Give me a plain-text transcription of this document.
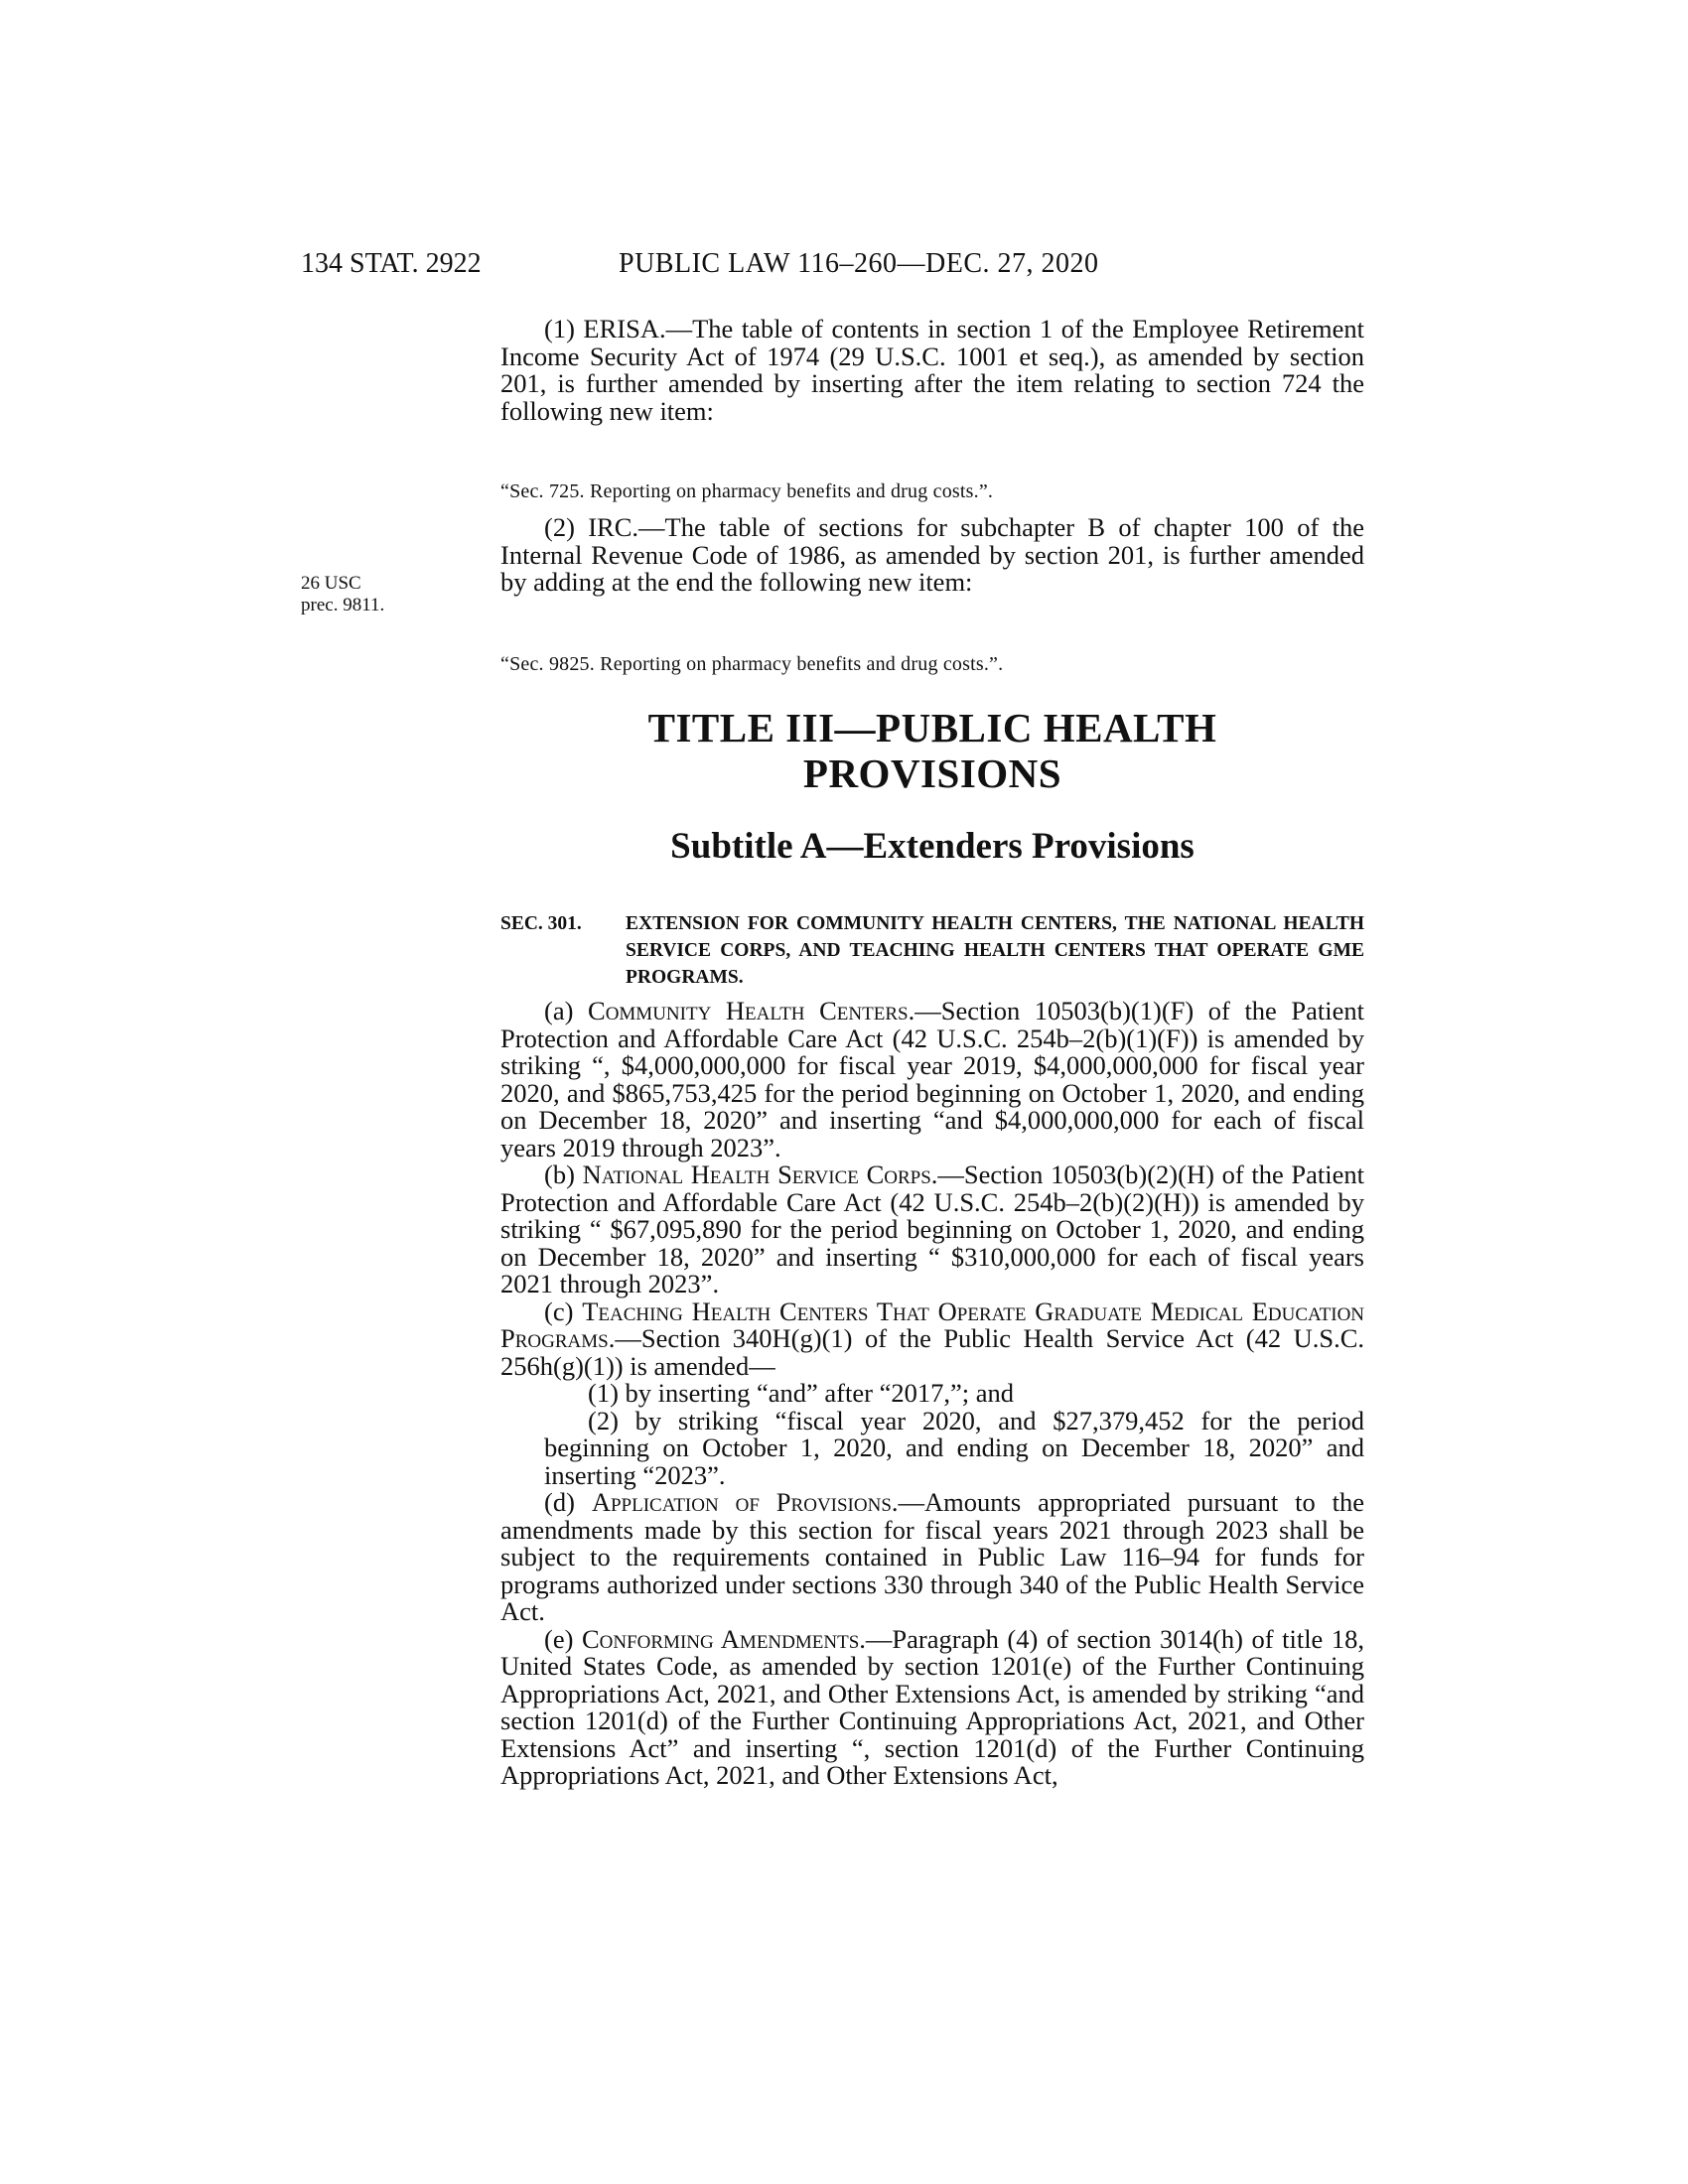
134 STAT. 2922	PUBLIC LAW 116–260—DEC. 27, 2020

(1) ERISA.—The table of contents in section 1 of the Employee Retirement Income Security Act of 1974 (29 U.S.C. 1001 et seq.), as amended by section 201, is further amended by inserting after the item relating to section 724 the following new item:

“Sec. 725. Reporting on pharmacy benefits and drug costs.”.

(2) IRC.—The table of sections for subchapter B of chapter 100 of the Internal Revenue Code of 1986, as amended by section 201, is further amended by adding at the end the following new item:

26 USC
prec. 9811.
“Sec. 9825. Reporting on pharmacy benefits and drug costs.”.
TITLE III—PUBLIC HEALTH
PROVISIONS
Subtitle A—Extenders Provisions
SEC. 301.	EXTENSION FOR COMMUNITY HEALTH CENTERS, THE NATIONAL HEALTH SERVICE CORPS, AND TEACHING HEALTH CENTERS THAT OPERATE GME PROGRAMS.

(a) Community Health Centers.—Section 10503(b)(1)(F) of the Patient Protection and Affordable Care Act (42 U.S.C. 254b–2(b)(1)(F)) is amended by striking “, $4,000,000,000 for fiscal year 2019, $4,000,000,000 for fiscal year 2020, and $865,753,425 for the period beginning on October 1, 2020, and ending on December 18, 2020” and inserting “and $4,000,000,000 for each of fiscal years 2019 through 2023”.

(b) National Health Service Corps.—Section 10503(b)(2)(H) of the Patient Protection and Affordable Care Act (42 U.S.C. 254b–2(b)(2)(H)) is amended by striking “ $67,095,890 for the period beginning on October 1, 2020, and ending on December 18, 2020” and inserting “ $310,000,000 for each of fiscal years 2021 through 2023”.

(c) Teaching Health Centers That Operate Graduate Medical Education Programs.—Section 340H(g)(1) of the Public Health Service Act (42 U.S.C. 256h(g)(1)) is amended—

(1) by inserting “and” after “2017,”; and

(2) by striking “fiscal year 2020, and $27,379,452 for the period beginning on October 1, 2020, and ending on December 18, 2020” and inserting “2023”.

(d) Application of Provisions.—Amounts appropriated pursuant to the amendments made by this section for fiscal years 2021 through 2023 shall be subject to the requirements contained in Public Law 116–94 for funds for programs authorized under sections 330 through 340 of the Public Health Service Act.

(e) Conforming Amendments.—Paragraph (4) of section 3014(h) of title 18, United States Code, as amended by section 1201(e) of the Further Continuing Appropriations Act, 2021, and Other Extensions Act, is amended by striking “and section 1201(d) of the Further Continuing Appropriations Act, 2021, and Other Extensions Act” and inserting “, section 1201(d) of the Further Continuing Appropriations Act, 2021, and Other Extensions Act,
